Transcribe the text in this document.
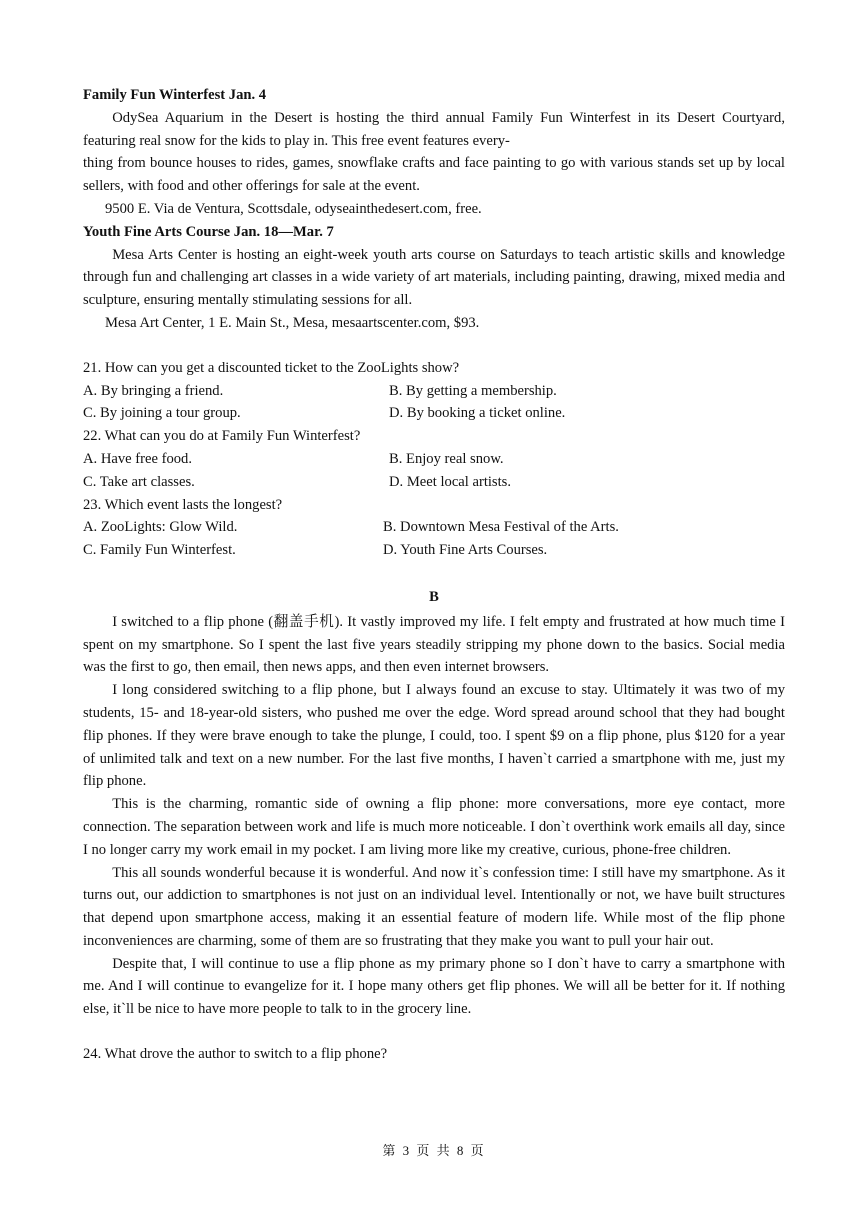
Family Fun Winterfest Jan. 4

OdySea Aquarium in the Desert is hosting the third annual Family Fun Winterfest in its Desert Courtyard, featuring real snow for the kids to play in. This free event features every-

thing from bounce houses to rides, games, snowflake crafts and face painting to go with various stands set up by local sellers, with food and other offerings for sale at the event.

9500 E. Via de Ventura, Scottsdale, odyseainthedesert.com, free.

Youth Fine Arts Course Jan. 18—Mar. 7

Mesa Arts Center is hosting an eight-week youth arts course on Saturdays to teach artistic skills and knowledge through fun and challenging art classes in a wide variety of art materials, including painting, drawing, mixed media and sculpture, ensuring mentally stimulating sessions for all.

Mesa Art Center, 1 E. Main St., Mesa, mesaartscenter.com, $93.

21. How can you get a discounted ticket to the ZooLights show?

A. By bringing a friend.	B. By getting a membership.
C. By joining a tour group.	D. By booking a ticket online.

22. What can you do at Family Fun Winterfest?

A. Have free food.	B. Enjoy real snow.
C. Take art classes.	D. Meet local artists.

23. Which event lasts the longest?

A. ZooLights: Glow Wild.	B. Downtown Mesa Festival of the Arts.
C. Family Fun Winterfest.	D. Youth Fine Arts Courses.
B

I switched to a flip phone (翻盖手机). It vastly improved my life. I felt empty and frustrated at how much time I spent on my smartphone. So I spent the last five years steadily stripping my phone down to the basics. Social media was the first to go, then email, then news apps, and then even internet browsers.

I long considered switching to a flip phone, but I always found an excuse to stay. Ultimately it was two of my students, 15- and 18-year-old sisters, who pushed me over the edge. Word spread around school that they had bought flip phones. If they were brave enough to take the plunge, I could, too. I spent $9 on a flip phone, plus $120 for a year of unlimited talk and text on a new number. For the last five months, I haven`t carried a smartphone with me, just my flip phone.

This is the charming, romantic side of owning a flip phone: more conversations, more eye contact, more connection. The separation between work and life is much more noticeable. I don`t overthink work emails all day, since I no longer carry my work email in my pocket. I am living more like my creative, curious, phone-free children.

This all sounds wonderful because it is wonderful. And now it`s confession time: I still have my smartphone. As it turns out, our addiction to smartphones is not just on an individual level. Intentionally or not, we have built structures that depend upon smartphone access, making it an essential feature of modern life. While most of the flip phone inconveniences are charming, some of them are so frustrating that they make you want to pull your hair out.

Despite that, I will continue to use a flip phone as my primary phone so I don`t have to carry a smartphone with me. And I will continue to evangelize for it. I hope many others get flip phones. We will all be better for it. If nothing else, it`ll be nice to have more people to talk to in the grocery line.

24. What drove the author to switch to a flip phone?

第 3 页 共 8 页
